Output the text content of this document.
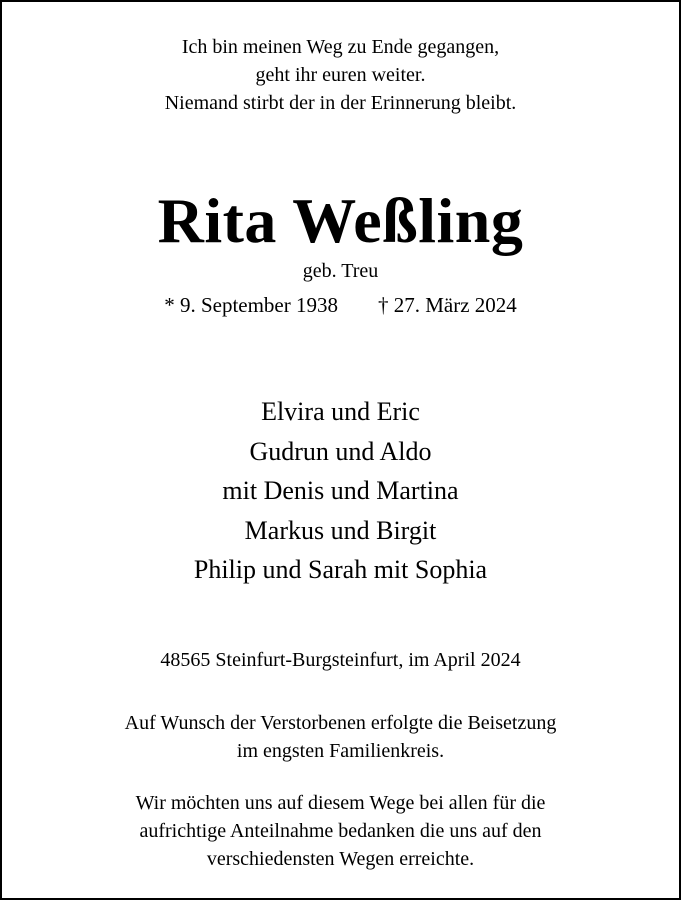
Ich bin meinen Weg zu Ende gegangen,
geht ihr euren weiter.
Niemand stirbt der in der Erinnerung bleibt.
Rita Weßling
geb. Treu
* 9. September 1938 † 27. März 2024
Elvira und Eric
Gudrun und Aldo
mit Denis und Martina
Markus und Birgit
Philip und Sarah mit Sophia
48565 Steinfurt-Burgsteinfurt, im April 2024
Auf Wunsch der Verstorbenen erfolgte die Beisetzung
im engsten Familienkreis.
Wir möchten uns auf diesem Wege bei allen für die
aufrichtige Anteilnahme bedanken die uns auf den
verschiedensten Wegen erreichte.
